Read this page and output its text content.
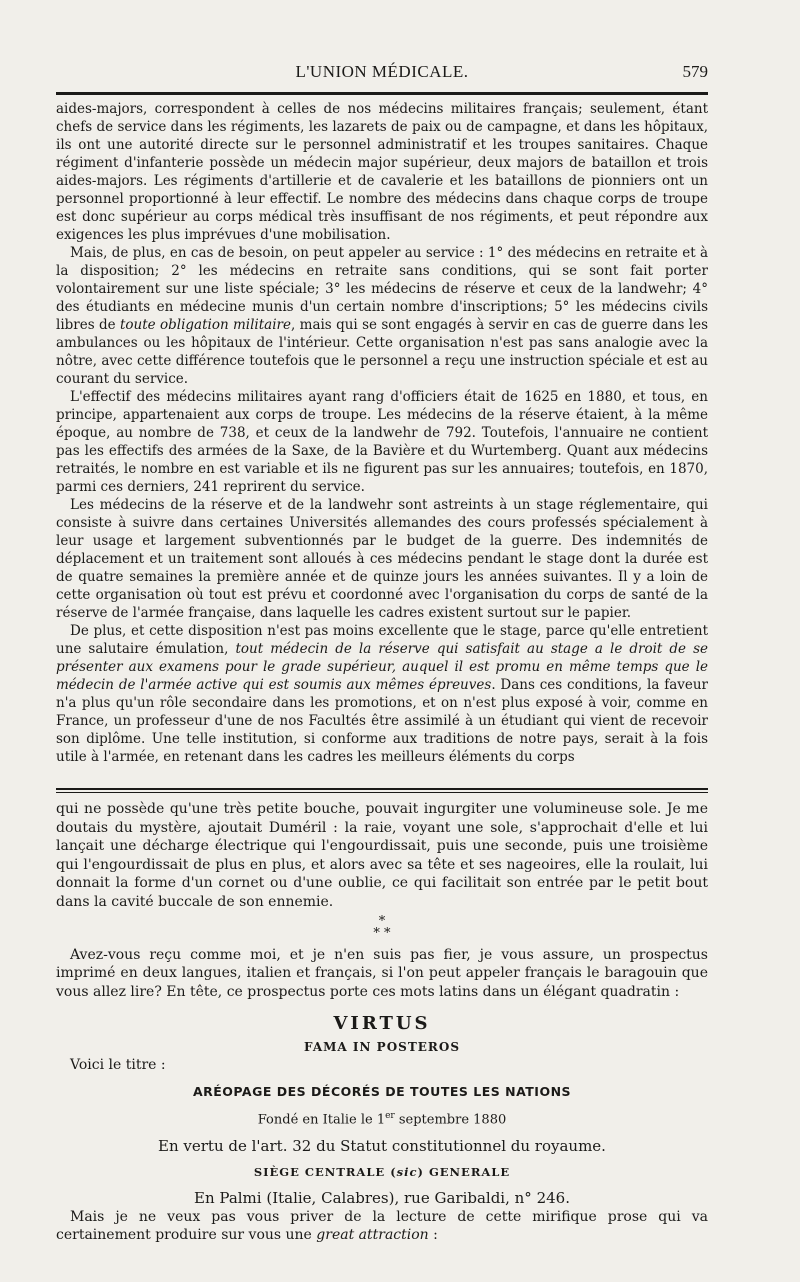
L'UNION MÉDICALE.	579

aides-majors, correspondent à celles de nos médecins militaires français; seulement, étant chefs de service dans les régiments, les lazarets de paix ou de campagne, et dans les hôpitaux, ils ont une autorité directe sur le personnel administratif et les troupes sanitaires. Chaque régiment d'infanterie possède un médecin major supérieur, deux majors de bataillon et trois aides-majors. Les régiments d'artillerie et de cavalerie et les bataillons de pionniers ont un personnel proportionné à leur effectif. Le nombre des médecins dans chaque corps de troupe est donc supérieur au corps médical très insuffisant de nos régiments, et peut répondre aux exigences les plus imprévues d'une mobilisation.

Mais, de plus, en cas de besoin, on peut appeler au service : 1° des médecins en retraite et à la disposition; 2° les médecins en retraite sans conditions, qui se sont fait porter volontairement sur une liste spéciale; 3° les médecins de réserve et ceux de la landwehr; 4° des étudiants en médecine munis d'un certain nombre d'inscriptions; 5° les médecins civils libres de toute obligation militaire, mais qui se sont engagés à servir en cas de guerre dans les ambulances ou les hôpitaux de l'intérieur. Cette organisation n'est pas sans analogie avec la nôtre, avec cette différence toutefois que le personnel a reçu une instruction spéciale et est au courant du service.

L'effectif des médecins militaires ayant rang d'officiers était de 1625 en 1880, et tous, en principe, appartenaient aux corps de troupe. Les médecins de la réserve étaient, à la même époque, au nombre de 738, et ceux de la landwehr de 792. Toutefois, l'annuaire ne contient pas les effectifs des armées de la Saxe, de la Bavière et du Wurtemberg. Quant aux médecins retraités, le nombre en est variable et ils ne figurent pas sur les annuaires; toutefois, en 1870, parmi ces derniers, 241 reprirent du service.

Les médecins de la réserve et de la landwehr sont astreints à un stage réglementaire, qui consiste à suivre dans certaines Universités allemandes des cours professés spécialement à leur usage et largement subventionnés par le budget de la guerre. Des indemnités de déplacement et un traitement sont alloués à ces médecins pendant le stage dont la durée est de quatre semaines la première année et de quinze jours les années suivantes. Il y a loin de cette organisation où tout est prévu et coordonné avec l'organisation du corps de santé de la réserve de l'armée française, dans laquelle les cadres existent surtout sur le papier.

De plus, et cette disposition n'est pas moins excellente que le stage, parce qu'elle entretient une salutaire émulation, tout médecin de la réserve qui satisfait au stage a le droit de se présenter aux examens pour le grade supérieur, auquel il est promu en même temps que le médecin de l'armée active qui est soumis aux mêmes épreuves. Dans ces conditions, la faveur n'a plus qu'un rôle secondaire dans les promotions, et on n'est plus exposé à voir, comme en France, un professeur d'une de nos Facultés être assimilé à un étudiant qui vient de recevoir son diplôme. Une telle institution, si conforme aux traditions de notre pays, serait à la fois utile à l'armée, en retenant dans les cadres les meilleurs éléments du corps

qui ne possède qu'une très petite bouche, pouvait ingurgiter une volumineuse sole. Je me doutais du mystère, ajoutait Duméril : la raie, voyant une sole, s'approchait d'elle et lui lançait une décharge électrique qui l'engourdissait, puis une seconde, puis une troisième qui l'engourdissait de plus en plus, et alors avec sa tête et ses nageoires, elle la roulait, lui donnait la forme d'un cornet ou d'une oublie, ce qui facilitait son entrée par le petit bout dans la cavité buccale de son ennemie.

*
* *

Avez-vous reçu comme moi, et je n'en suis pas fier, je vous assure, un prospectus imprimé en deux langues, italien et français, si l'on peut appeler français le baragouin que vous allez lire? En tête, ce prospectus porte ces mots latins dans un élégant quadratin :

VIRTUS
FAMA IN POSTEROS

Voici le titre :

ARÉOPAGE DES DÉCORÉS DE TOUTES LES NATIONS
Fondé en Italie le 1er septembre 1880
En vertu de l'art. 32 du Statut constitutionnel du royaume.
SIÈGE CENTRALE (sic) GENERALE
En Palmi (Italie, Calabres), rue Garibaldi, n° 246.

Mais je ne veux pas vous priver de la lecture de cette mirifique prose qui va certainement produire sur vous une great attraction :
